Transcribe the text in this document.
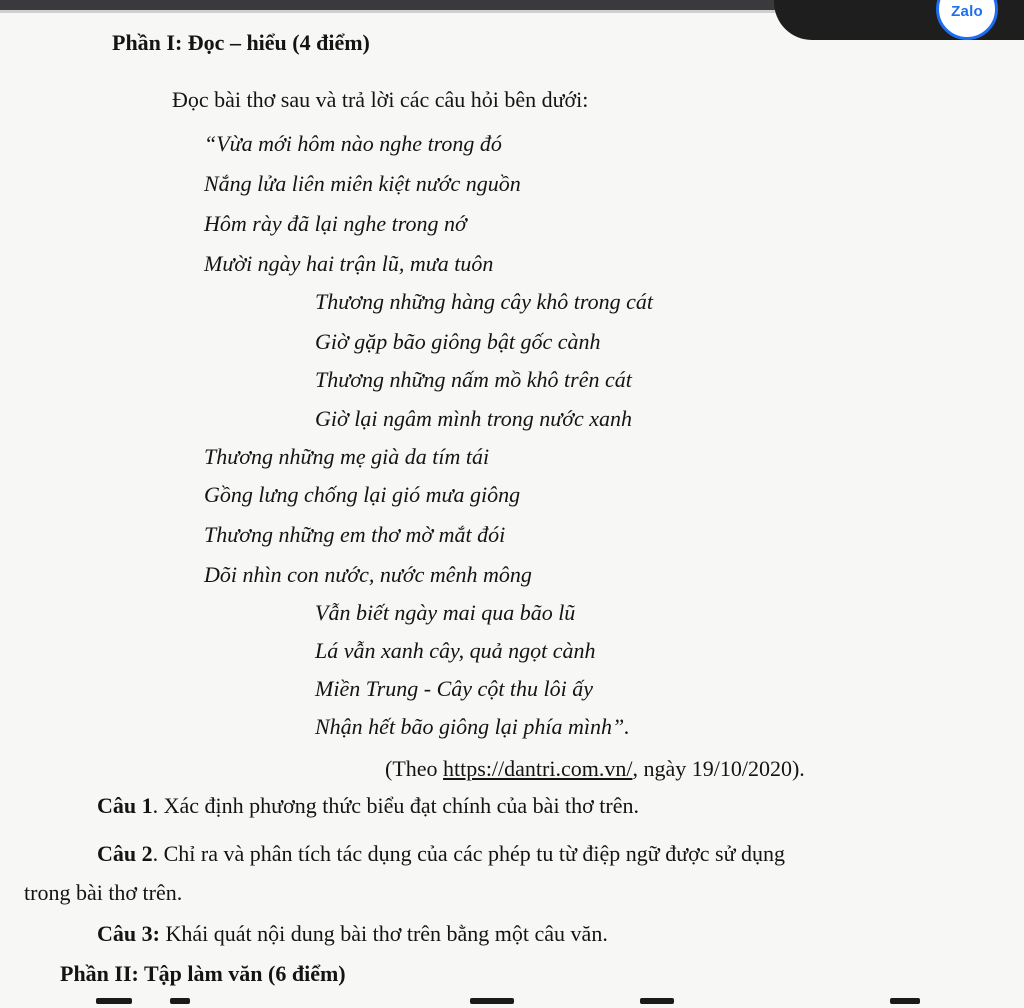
Zalo
Phần I: Đọc – hiểu (4 điểm)
Đọc bài thơ sau và trả lời các câu hỏi bên dưới:
“Vừa mới hôm nào nghe trong đó
Nắng lửa liên miên kiệt nước nguồn
Hôm rày đã lại nghe trong nớ
Mười ngày hai trận lũ, mưa tuôn
Thương những hàng cây khô trong cát
Giờ gặp bão giông bật gốc cành
Thương những nấm mồ khô trên cát
Giờ lại ngâm mình trong nước xanh
Thương những mẹ già da tím tái
Gồng lưng chống lại gió mưa giông
Thương những em thơ mờ mắt đói
Dõi nhìn con nước, nước mênh mông
Vẫn biết ngày mai qua bão lũ
Lá vẫn xanh cây, quả ngọt cành
Miền Trung - Cây cột thu lôi ấy
Nhận hết bão giông lại phía mình”.
(Theo https://dantri.com.vn/, ngày 19/10/2020).
Câu 1. Xác định phương thức biểu đạt chính của bài thơ trên.
Câu 2. Chỉ ra và phân tích tác dụng của các phép tu từ điệp ngữ được sử dụng
trong bài thơ trên.
Câu 3: Khái quát nội dung bài thơ trên bằng một câu văn.
Phần II: Tập làm văn (6 điểm)
